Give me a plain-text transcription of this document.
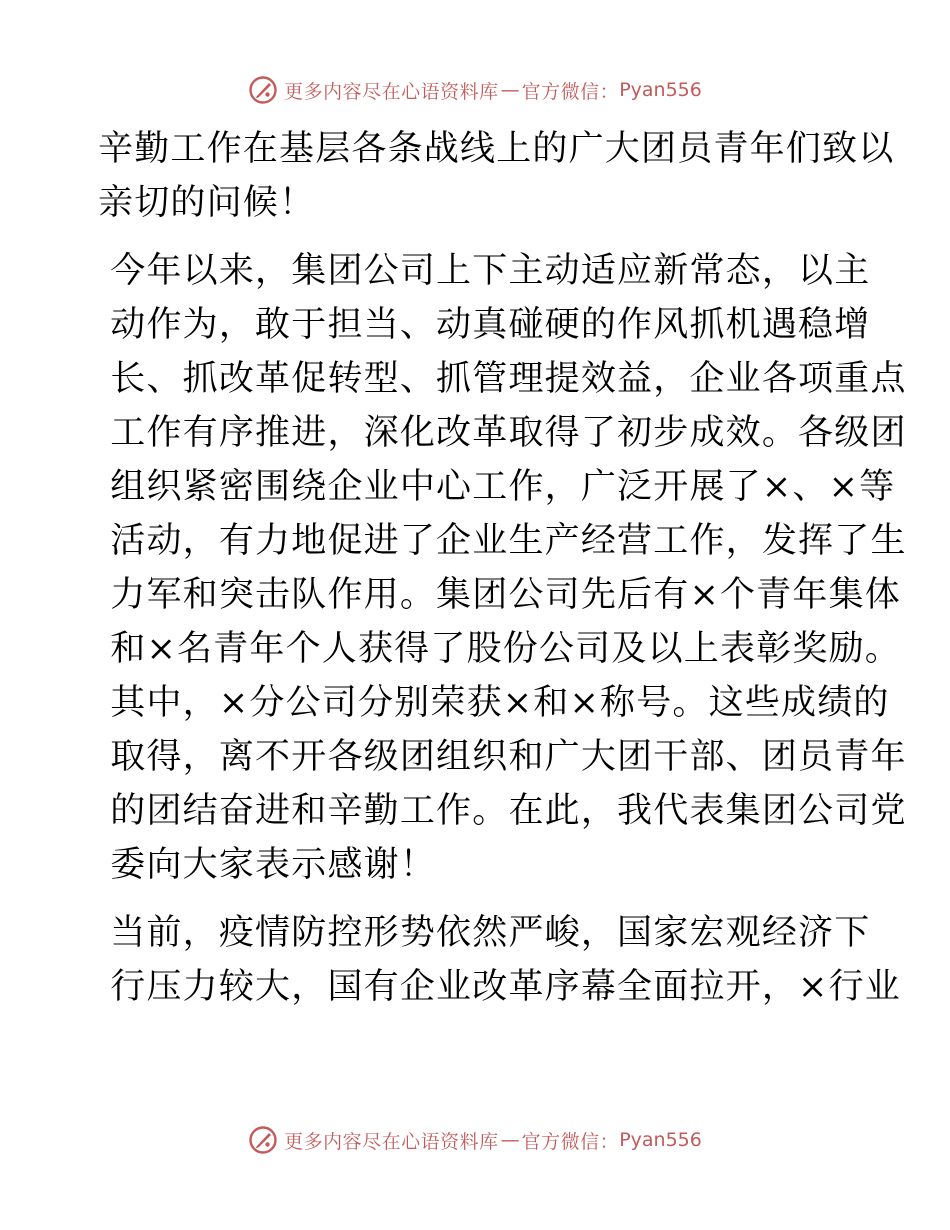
更多内容尽在心语资料库 — 官方微信： Pyan556

辛勤工作在基层各条战线上的广大团员青年们致以
亲切的问候！

今年以来，集团公司上下主动适应新常态，以主
动作为，敢于担当、动真碰硬的作风抓机遇稳增
长、抓改革促转型、抓管理提效益，企业各项重点
工作有序推进，深化改革取得了初步成效。各级团
组织紧密围绕企业中心工作，广泛开展了×、×等
活动，有力地促进了企业生产经营工作，发挥了生
力军和突击队作用。集团公司先后有×个青年集体
和×名青年个人获得了股份公司及以上表彰奖励。
其中，×分公司分别荣获×和×称号。这些成绩的
取得，离不开各级团组织和广大团干部、团员青年
的团结奋进和辛勤工作。在此，我代表集团公司党
委向大家表示感谢！

当前，疫情防控形势依然严峻，国家宏观经济下
行压力较大，国有企业改革序幕全面拉开，×行业

更多内容尽在心语资料库 — 官方微信： Pyan556
